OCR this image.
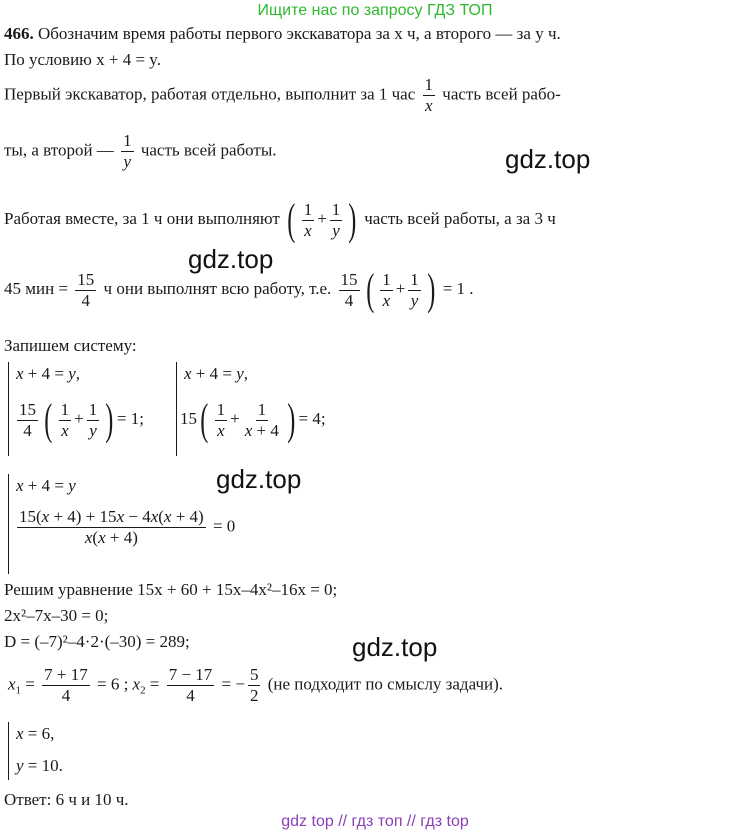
Ищите нас по запросу ГДЗ ТОП
466. Обозначим время работы первого экскаватора за x ч, а второго — за y ч.
По условию x + 4 = y.
Первый экскаватор, работая отдельно, выполнит за 1 час $\frac{1}{x}$ часть всей рабо-
ты, а второй — $\frac{1}{y}$ часть всей работы.	gdz.top
Работая вместе, за 1 ч они выполняют ( $\frac{1}{x} + \frac{1}{y}$ ) часть всей работы, а за 3 ч
gdz.top
45 мин = $\frac{15}{4}$ ч они выполнят всю работу, т.е. $\frac{15}{4}$ ( $\frac{1}{x} + \frac{1}{y}$ ) = 1 .
Запишем систему:
x + 4 = y,
$\frac{15}{4}$ ( $\frac{1}{x} + \frac{1}{y}$ ) = 1;
x + 4 = y,
$15( \frac{1}{x} + \frac{1}{x + 4}$ ) = 4;
gdz.top
x + 4 = y
$\frac{15(x + 4) + 15x - 4x(x + 4)}{x(x + 4)} = 0$
Решим уравнение 15x + 60 + 15x–4x²–16x = 0;
2x²–7x–30 = 0;
D = (–7)²–4·2·(–30) = 289;	gdz.top
$x_1 = \frac{7 + 17}{4} = 6$ ; $x_2 = \frac{7 - 17}{4}$ = − $\frac{5}{2} (не$ подходит по смыслу задачи).
x = 6,
y = 10.
Ответ: 6 ч и 10 ч.
gdz top // гдз топ // гдз top
